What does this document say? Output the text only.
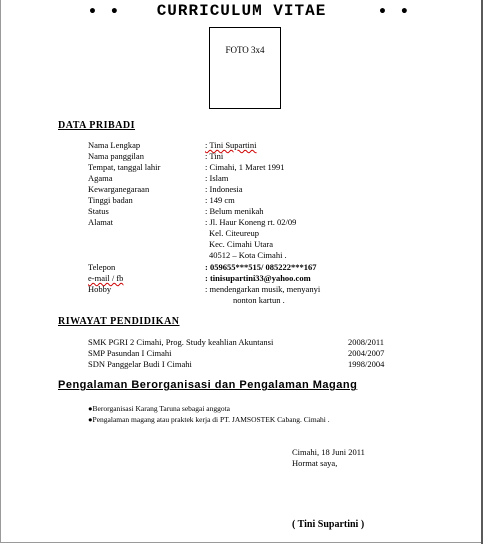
• •	• •
CURRICULUM VITAE
FOTO 3x4
DATA PRIBADI
Nama Lengkap	: Tini Supartini
Nama panggilan	: Tini
Tempat, tanggal lahir	: Cimahi, 1 Maret 1991
Agama	: Islam
Kewarganegaraan	: Indonesia
Tinggi badan	: 149 cm
Status	: Belum menikah
Alamat	: Jl. Haur Koneng rt. 02/09
Kel. Citeureup
Kec. Cimahi Utara
40512 – Kota Cimahi .
Telepon	: 059655***515/ 085222***167
e-mail / fb	: tinisupartini33@yahoo.com
Hobby	: mendengarkan musik, menyanyi
nonton kartun .
RIWAYAT PENDIDIKAN
SMK PGRI 2 Cimahi, Prog. Study keahlian Akuntansi	2008/2011
SMP Pasundan I Cimahi	2004/2007
SDN Panggelar Budi I Cimahi	1998/2004
Pengalaman Berorganisasi dan Pengalaman Magang
●Berorganisasi Karang Taruna sebagai anggota
●Pengalaman magang atau praktek kerja di PT. JAMSOSTEK Cabang. Cimahi .
Cimahi, 18 Juni 2011
Hormat saya,
( Tini Supartini )
